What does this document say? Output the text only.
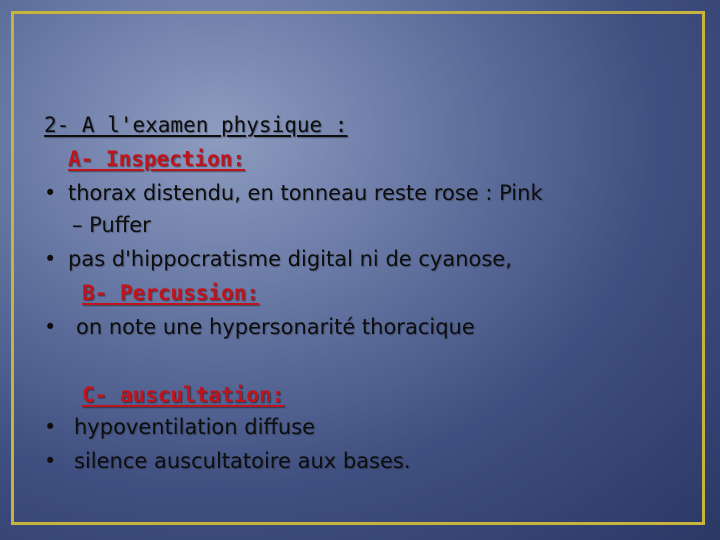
2- A l'examen physique :
A- Inspection:
• thorax distendu, en tonneau reste rose : Pink
– Puffer
• pas d'hippocratisme digital ni de cyanose,
B- Percussion:
• on note une hypersonarité thoracique
C- auscultation:
• hypoventilation diffuse
• silence auscultatoire aux bases.
